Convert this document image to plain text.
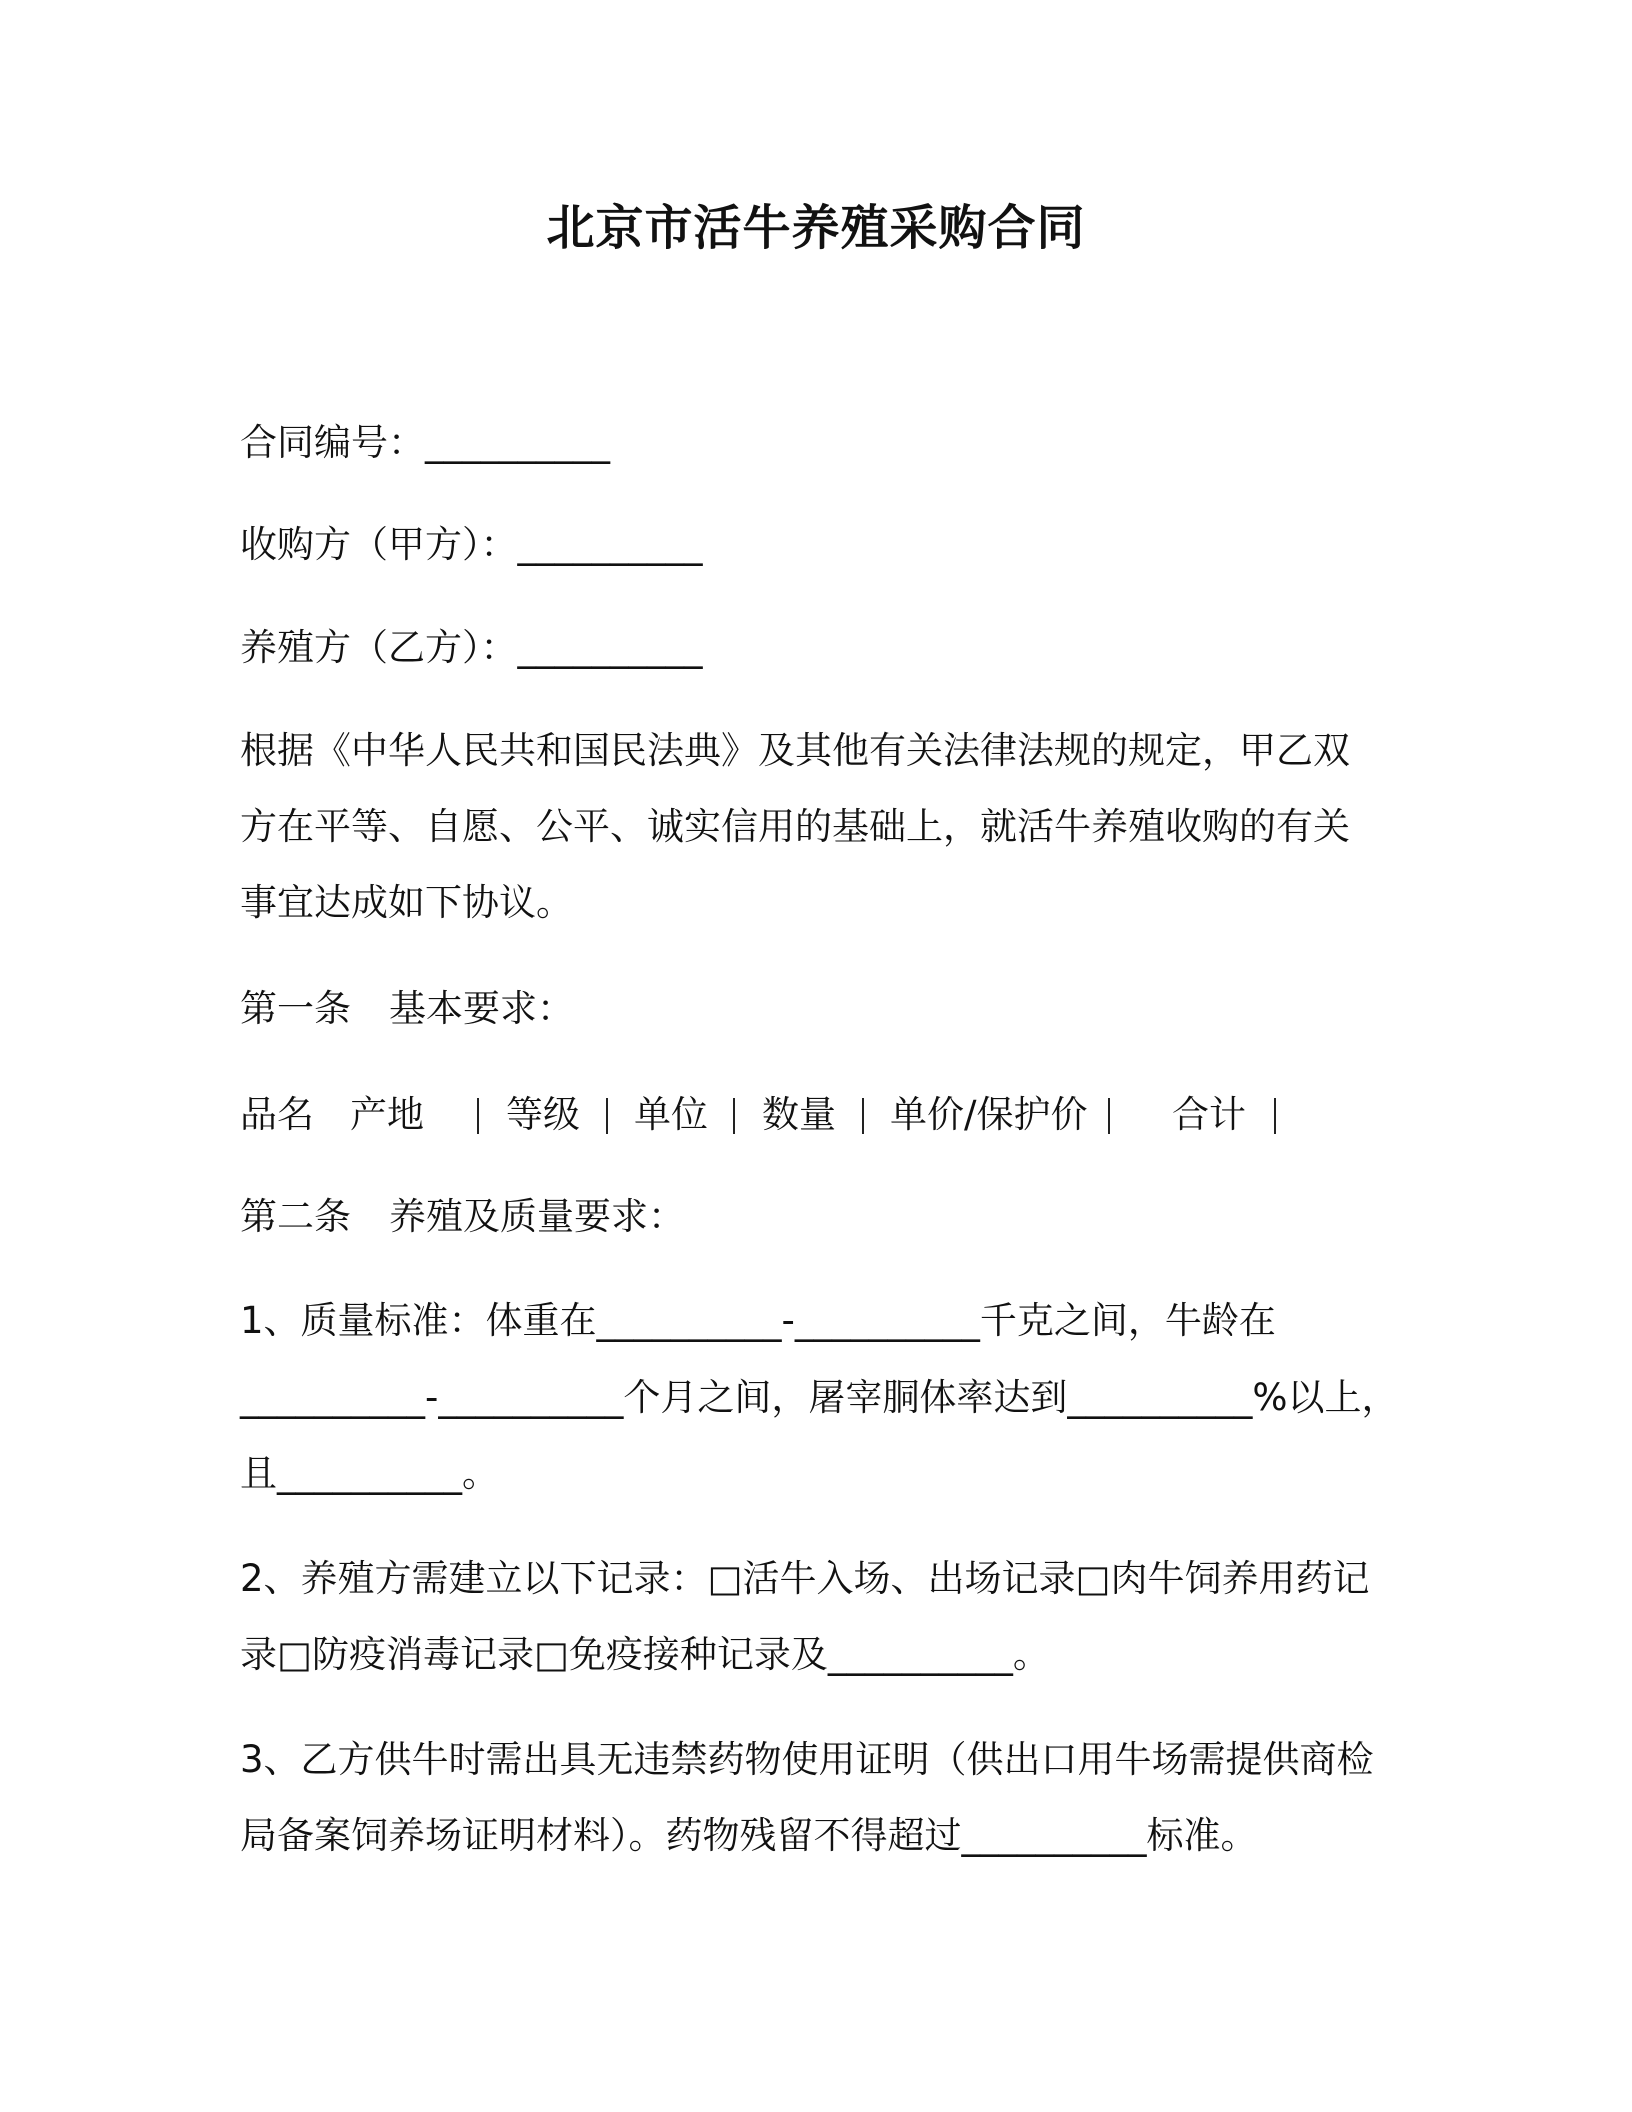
北京市活牛养殖采购合同
合同编号：__________
收购方（甲方）：__________
养殖方（乙方）：__________
根据《中华人民共和国民法典》及其他有关法律法规的规定，甲乙双
方在平等、自愿、公平、诚实信用的基础上，就活牛养殖收购的有关
事宜达成如下协议。
第一条 基本要求：
品名 产地 等级 单位 数量 单价/保护价 合计
第二条 养殖及质量要求：
1、质量标准：体重在__________-__________千克之间，牛龄在
__________-__________个月之间，屠宰胴体率达到__________%以上，
且__________。
2、养殖方需建立以下记录：□活牛入场、出场记录□肉牛饲养用药记
录□防疫消毒记录□免疫接种记录及__________。
3、乙方供牛时需出具无违禁药物使用证明（供出口用牛场需提供商检
局备案饲养场证明材料）。药物残留不得超过__________标准。
